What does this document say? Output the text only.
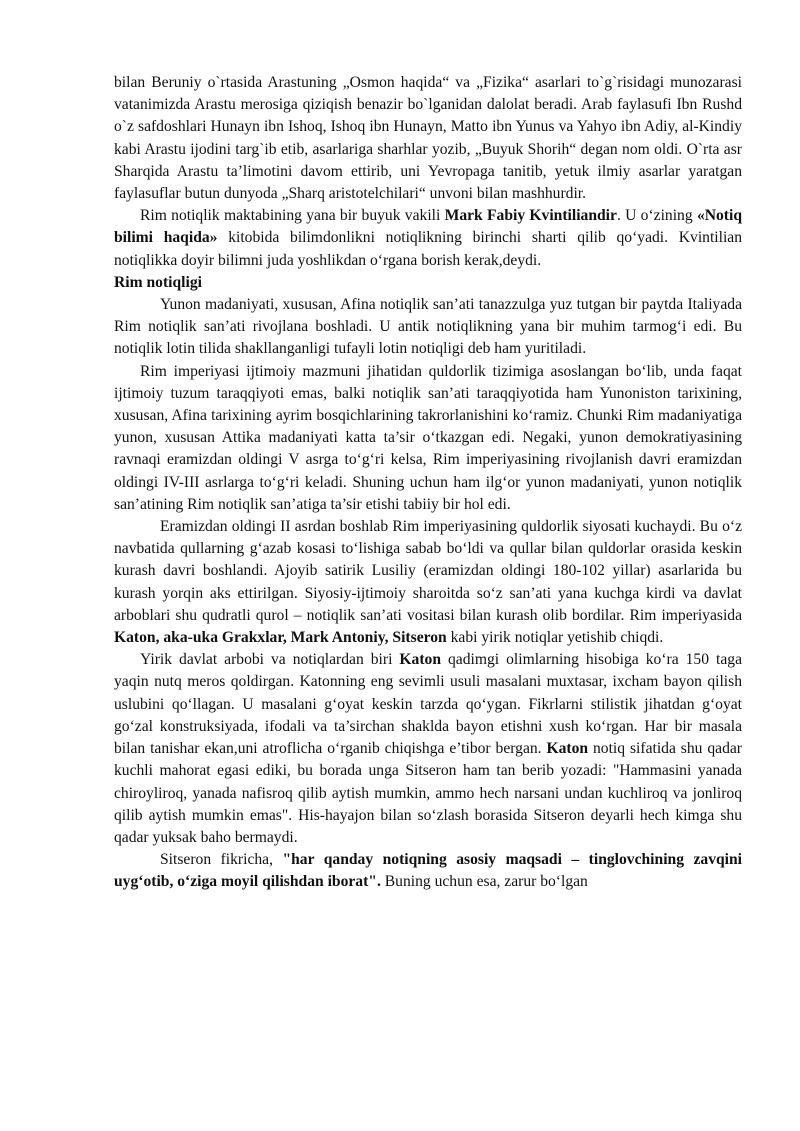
bilan Beruniy o`rtasida Arastuning „Osmon haqida“ va „Fizika“ asarlari to`g`risidagi munozarasi vatanimizda Arastu merosiga qiziqish benazir bo`lganidan dalolat beradi. Arab faylasufi Ibn Rushd o`z safdoshlari Hunayn ibn Ishoq, Ishoq ibn Hunayn, Matto ibn Yunus va Yahyo ibn Adiy, al-Kindiy kabi Arastu ijodini targ`ib etib, asarlariga sharhlar yozib, „Buyuk Shorih“ degan nom oldi. O`rta asr Sharqida Arastu ta’limotini davom ettirib, uni Yevropaga tanitib, yetuk ilmiy asarlar yaratgan faylasuflar butun dunyoda „Sharq aristotelchilari“ unvoni bilan mashhurdir.

Rim notiqlik maktabining yana bir buyuk vakili Mark Fabiy Kvintiliandir. U o‘zining «Notiq bilimi haqida» kitobida bilimdonlikni notiqlikning birinchi sharti qilib qo‘yadi. Kvintilian notiqlikka doyir bilimni juda yoshlikdan o‘rgana borish kerak,deydi.

Rim notiqligi

Yunon madaniyati, xususan, Afina notiqlik san’ati tanazzulga yuz tutgan bir paytda Italiyada Rim notiqlik san’ati rivojlana boshladi. U antik notiqlikning yana bir muhim tarmog‘i edi. Bu notiqlik lotin tilida shakllanganligi tufayli lotin notiqligi deb ham yuritiladi.

Rim imperiyasi ijtimoiy mazmuni jihatidan quldorlik tizimiga asoslangan bo‘lib, unda faqat ijtimoiy tuzum taraqqiyoti emas, balki notiqlik san’ati taraqqiyotida ham Yunoniston tarixining, xususan, Afina tarixining ayrim bosqichlarining takrorlanishini ko‘ramiz. Chunki Rim madaniyatiga yunon, xususan Attika madaniyati katta ta’sir o‘tkazgan edi. Negaki, yunon demokratiyasining ravnaqi eramizdan oldingi V asrga to‘g‘ri kelsa, Rim imperiyasining rivojlanish davri eramizdan oldingi IV-III asrlarga to‘g‘ri keladi. Shuning uchun ham ilg‘or yunon madaniyati, yunon notiqlik san’atining Rim notiqlik san’atiga ta’sir etishi tabiiy bir hol edi.

Eramizdan oldingi II asrdan boshlab Rim imperiyasining quldorlik siyosati kuchaydi. Bu o‘z navbatida qullarning g‘azab kosasi to‘lishiga sabab bo‘ldi va qullar bilan quldorlar orasida keskin kurash davri boshlandi. Ajoyib satirik Lusiliy (eramizdan oldingi 180-102 yillar) asarlarida bu kurash yorqin aks ettirilgan. Siyosiy-ijtimoiy sharoitda so‘z san’ati yana kuchga kirdi va davlat arboblari shu qudratli qurol – notiqlik san’ati vositasi bilan kurash olib bordilar. Rim imperiyasida Katon, aka-uka Grakxlar, Mark Antoniy, Sitseron kabi yirik notiqlar yetishib chiqdi.

Yirik davlat arbobi va notiqlardan biri Katon qadimgi olimlarning hisobiga ko‘ra 150 taga yaqin nutq meros qoldirgan. Katonning eng sevimli usuli masalani muxtasar, ixcham bayon qilish uslubini qo‘llagan. U masalani g‘oyat keskin tarzda qo‘ygan. Fikrlarni stilistik jihatdan g‘oyat go‘zal konstruksiyada, ifodali va ta’sirchan shaklda bayon etishni xush ko‘rgan. Har bir masala bilan tanishar ekan,uni atroflicha o‘rganib chiqishga e’tibor bergan. Katon notiq sifatida shu qadar kuchli mahorat egasi ediki, bu borada unga Sitseron ham tan berib yozadi: "Hammasini yanada chiroyliroq, yanada nafisroq qilib aytish mumkin, ammo hech narsani undan kuchliroq va jonliroq qilib aytish mumkin emas". His-hayajon bilan so‘zlash borasida Sitseron deyarli hech kimga shu qadar yuksak baho bermaydi.

Sitseron fikricha, "har qanday notiqning asosiy maqsadi – tinglovchining zavqini uyg‘otib, o‘ziga moyil qilishdan iborat". Buning uchun esa, zarur bo‘lgan
